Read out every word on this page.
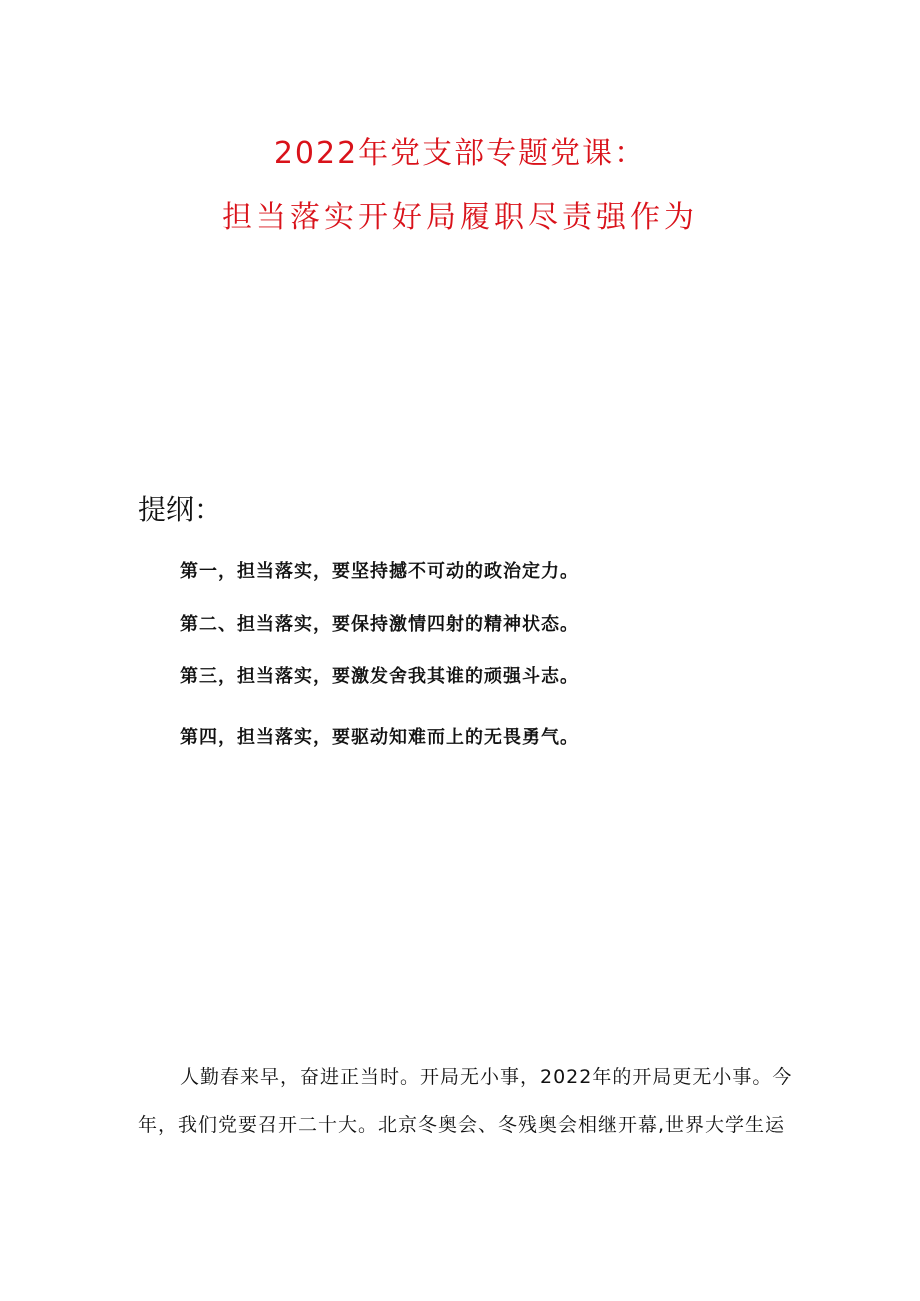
2022年党支部专题党课：
担当落实开好局履职尽责强作为
提纲：
第一，担当落实，要坚持撼不可动的政治定力。
第二、担当落实，要保持激情四射的精神状态。
第三，担当落实，要激发舍我其谁的顽强斗志。
第四，担当落实，要驱动知难而上的无畏勇气。
人勤春来早，奋进正当时。开局无小事，2022年的开局更无小事。今
年，我们党要召开二十大。北京冬奥会、冬残奥会相继开幕,世界大学生运
